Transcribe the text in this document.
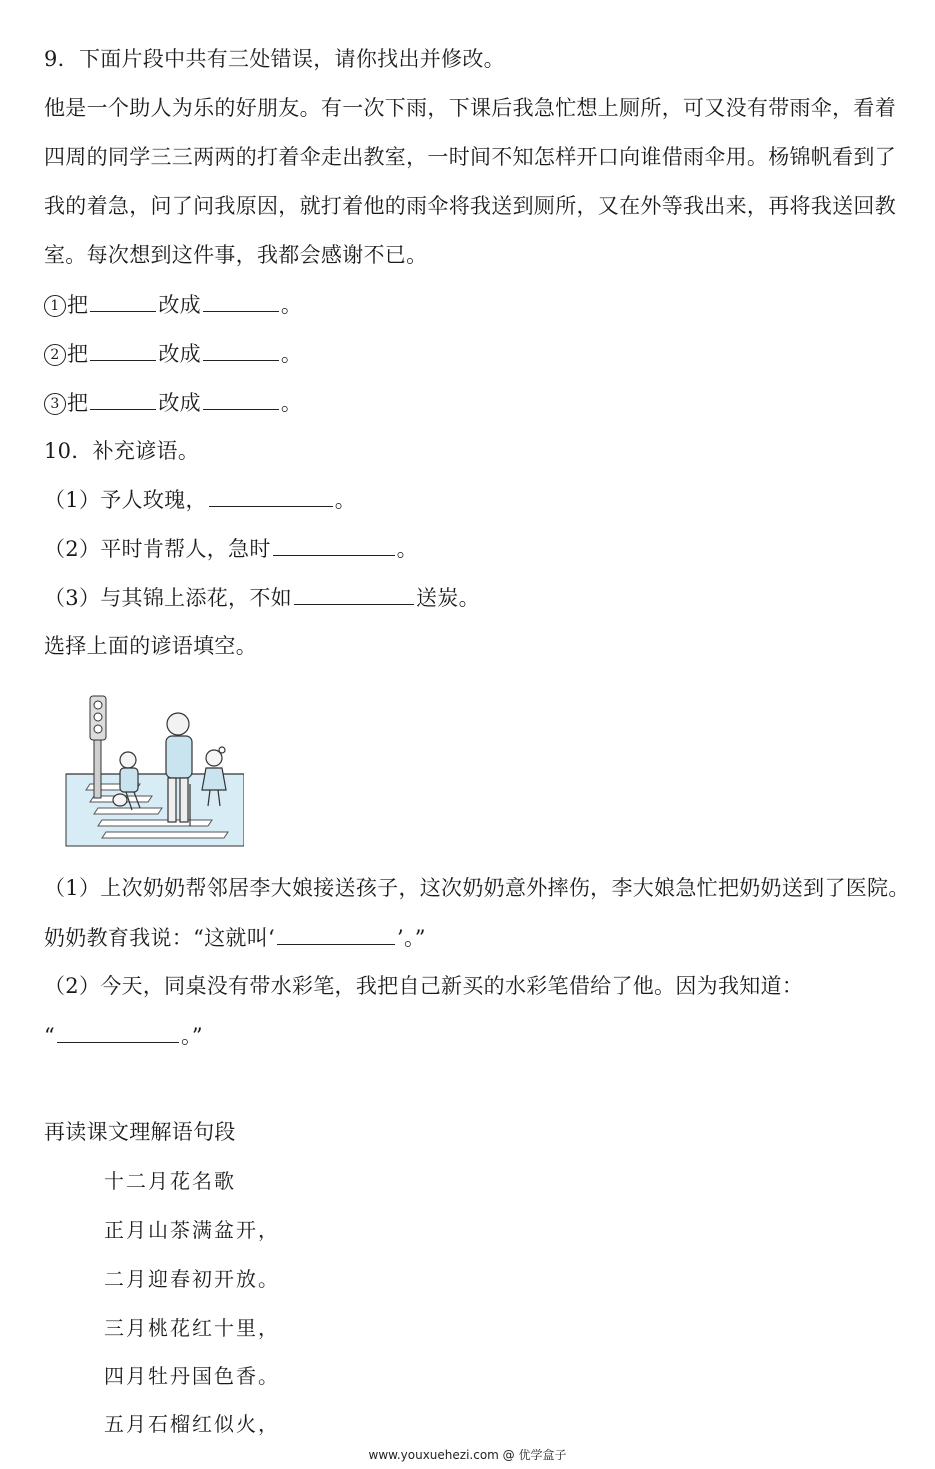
9．下面片段中共有三处错误，请你找出并修改。
他是一个助人为乐的好朋友。有一次下雨，下课后我急忙想上厕所，可又没有带雨伞，看着
四周的同学三三两两的打着伞走出教室，一时间不知怎样开口向谁借雨伞用。杨锦帆看到了
我的着急，问了问我原因，就打着他的雨伞将我送到厕所，又在外等我出来，再将我送回教
室。每次想到这件事，我都会感谢不已。
1 把	改成	。
2 把	改成	。
3 把	改成	。
10．补充谚语。
（1）予人玫瑰，	。
（2）平时肯帮人，急时	。
（3）与其锦上添花，不如	送炭。
选择上面的谚语填空。
（1）上次奶奶帮邻居李大娘接送孩子，这次奶奶意外摔伤，李大娘急忙把奶奶送到了医院。
奶奶教育我说：“这就叫‘	’。”
（2）今天，同桌没有带水彩笔，我把自己新买的水彩笔借给了他。因为我知道：
“	。”
再读课文理解语句段
十二月花名歌
正月山茶满盆开，
二月迎春初开放。
三月桃花红十里，
四月牡丹国色香。
五月石榴红似火，
www.youxuehezi.com @ 优学盒子
